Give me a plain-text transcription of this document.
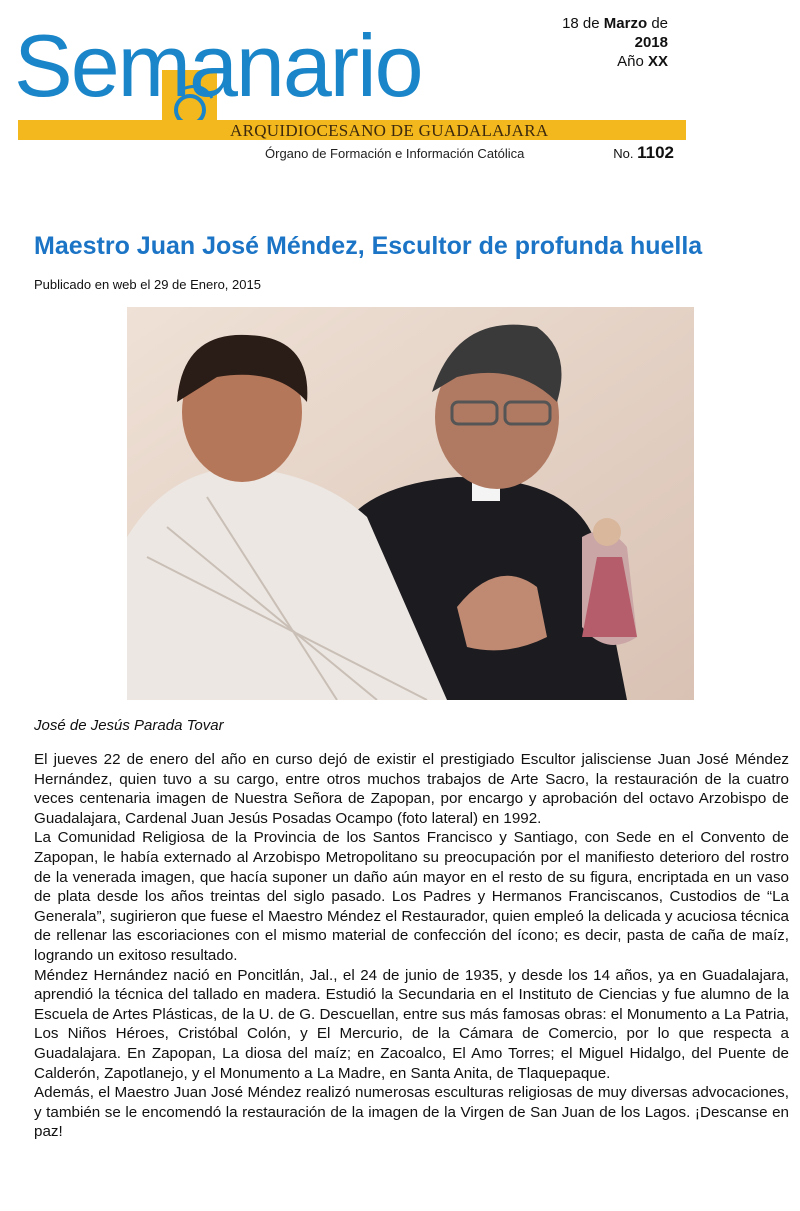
Semanario
ARQUIDIOCESANO DE GUADALAJARA
Órgano de Formación e Información Católica
18 de Marzo de
2018
Año XX
No. 1102
Maestro Juan José Méndez, Escultor de profunda huella
Publicado en web el 29 de Enero, 2015
José de Jesús Parada Tovar

El jueves 22 de enero del año en curso dejó de existir el prestigiado Escultor jalisciense Juan José Méndez Hernández, quien tuvo a su cargo, entre otros muchos trabajos de Arte Sacro, la restauración de la cuatro veces centenaria imagen de Nuestra Señora de Zapopan, por encargo y aprobación del octavo Arzobispo de Guadalajara, Cardenal Juan Jesús Posadas Ocampo (foto lateral) en 1992.

La Comunidad Religiosa de la Provincia de los Santos Francisco y Santiago, con Sede en el Convento de Zapopan, le había externado al Arzobispo Metropolitano su preocupación por el manifiesto deterioro del rostro de la venerada imagen, que hacía suponer un daño aún mayor en el resto de su figura, encriptada en un vaso de plata desde los años treintas del siglo pasado. Los Padres y Hermanos Franciscanos, Custodios de “La Generala”, sugirieron que fuese el Maestro Méndez el Restaurador, quien empleó la delicada y acuciosa técnica de rellenar las escoriaciones con el mismo material de confección del ícono; es decir, pasta de caña de maíz, logrando un exitoso resultado.

Méndez Hernández nació en Poncitlán, Jal., el 24 de junio de 1935, y desde los 14 años, ya en Guadalajara, aprendió la técnica del tallado en madera. Estudió la Secundaria en el Instituto de Ciencias y fue alumno de la Escuela de Artes Plásticas, de la U. de G. Descuellan, entre sus más famosas obras: el Monumento a La Patria, Los Niños Héroes, Cristóbal Colón, y El Mercurio, de la Cámara de Comercio, por lo que respecta a Guadalajara. En Zapopan, La diosa del maíz; en Zacoalco, El Amo Torres; el Miguel Hidalgo, del Puente de Calderón, Zapotlanejo, y el Monumento a La Madre, en Santa Anita, de Tlaquepaque.

Además, el Maestro Juan José Méndez realizó numerosas esculturas religiosas de muy diversas advocaciones, y también se le encomendó la restauración de la imagen de la Virgen de San Juan de los Lagos. ¡Descanse en paz!
